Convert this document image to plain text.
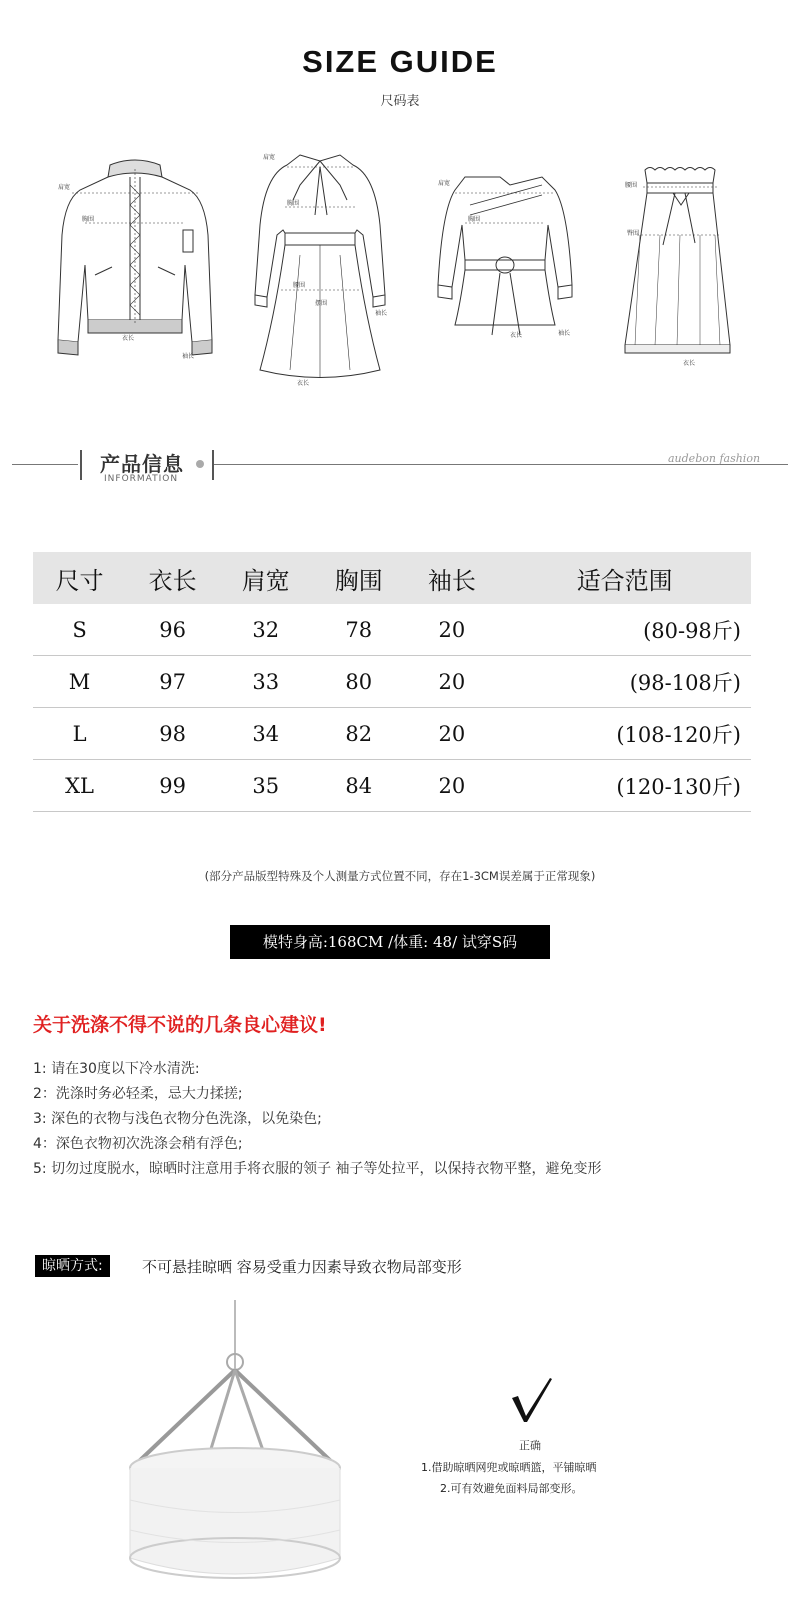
SIZE GUIDE
尺码表
肩宽
胸围
衣长
袖长
肩宽
胸围
腰围
摆围
袖长
衣长
肩宽
胸围
衣长	袖长
腰围
臀围
衣长
产品信息
INFORMATION
audebon fashion
尺寸	衣长	肩宽	胸围	袖长	适合范围
S	96	32	78	20	(80-98斤)
M	97	33	80	20	(98-108斤)
L	98	34	82	20	(108-120斤)
XL	99	35	84	20	(120-130斤)
(部分产品版型特殊及个人测量方式位置不同，存在1-3CM误差属于正常现象)
模特身高:168CM /体重: 48/ 试穿S码
关于洗涤不得不说的几条良心建议!
1: 请在30度以下冷水清洗:
2：洗涤时务必轻柔，忌大力揉搓;
3: 深色的衣物与浅色衣物分色洗涤，以免染色;
4：深色衣物初次洗涤会稍有浮色;
5: 切勿过度脱水，晾晒时注意用手将衣服的领子 袖子等处拉平，以保持衣物平整，避免变形
晾晒方式:	不可悬挂晾晒 容易受重力因素导致衣物局部变形
正确
1.借助晾晒网兜或晾晒篮，平铺晾晒
2.可有效避免面料局部变形。
